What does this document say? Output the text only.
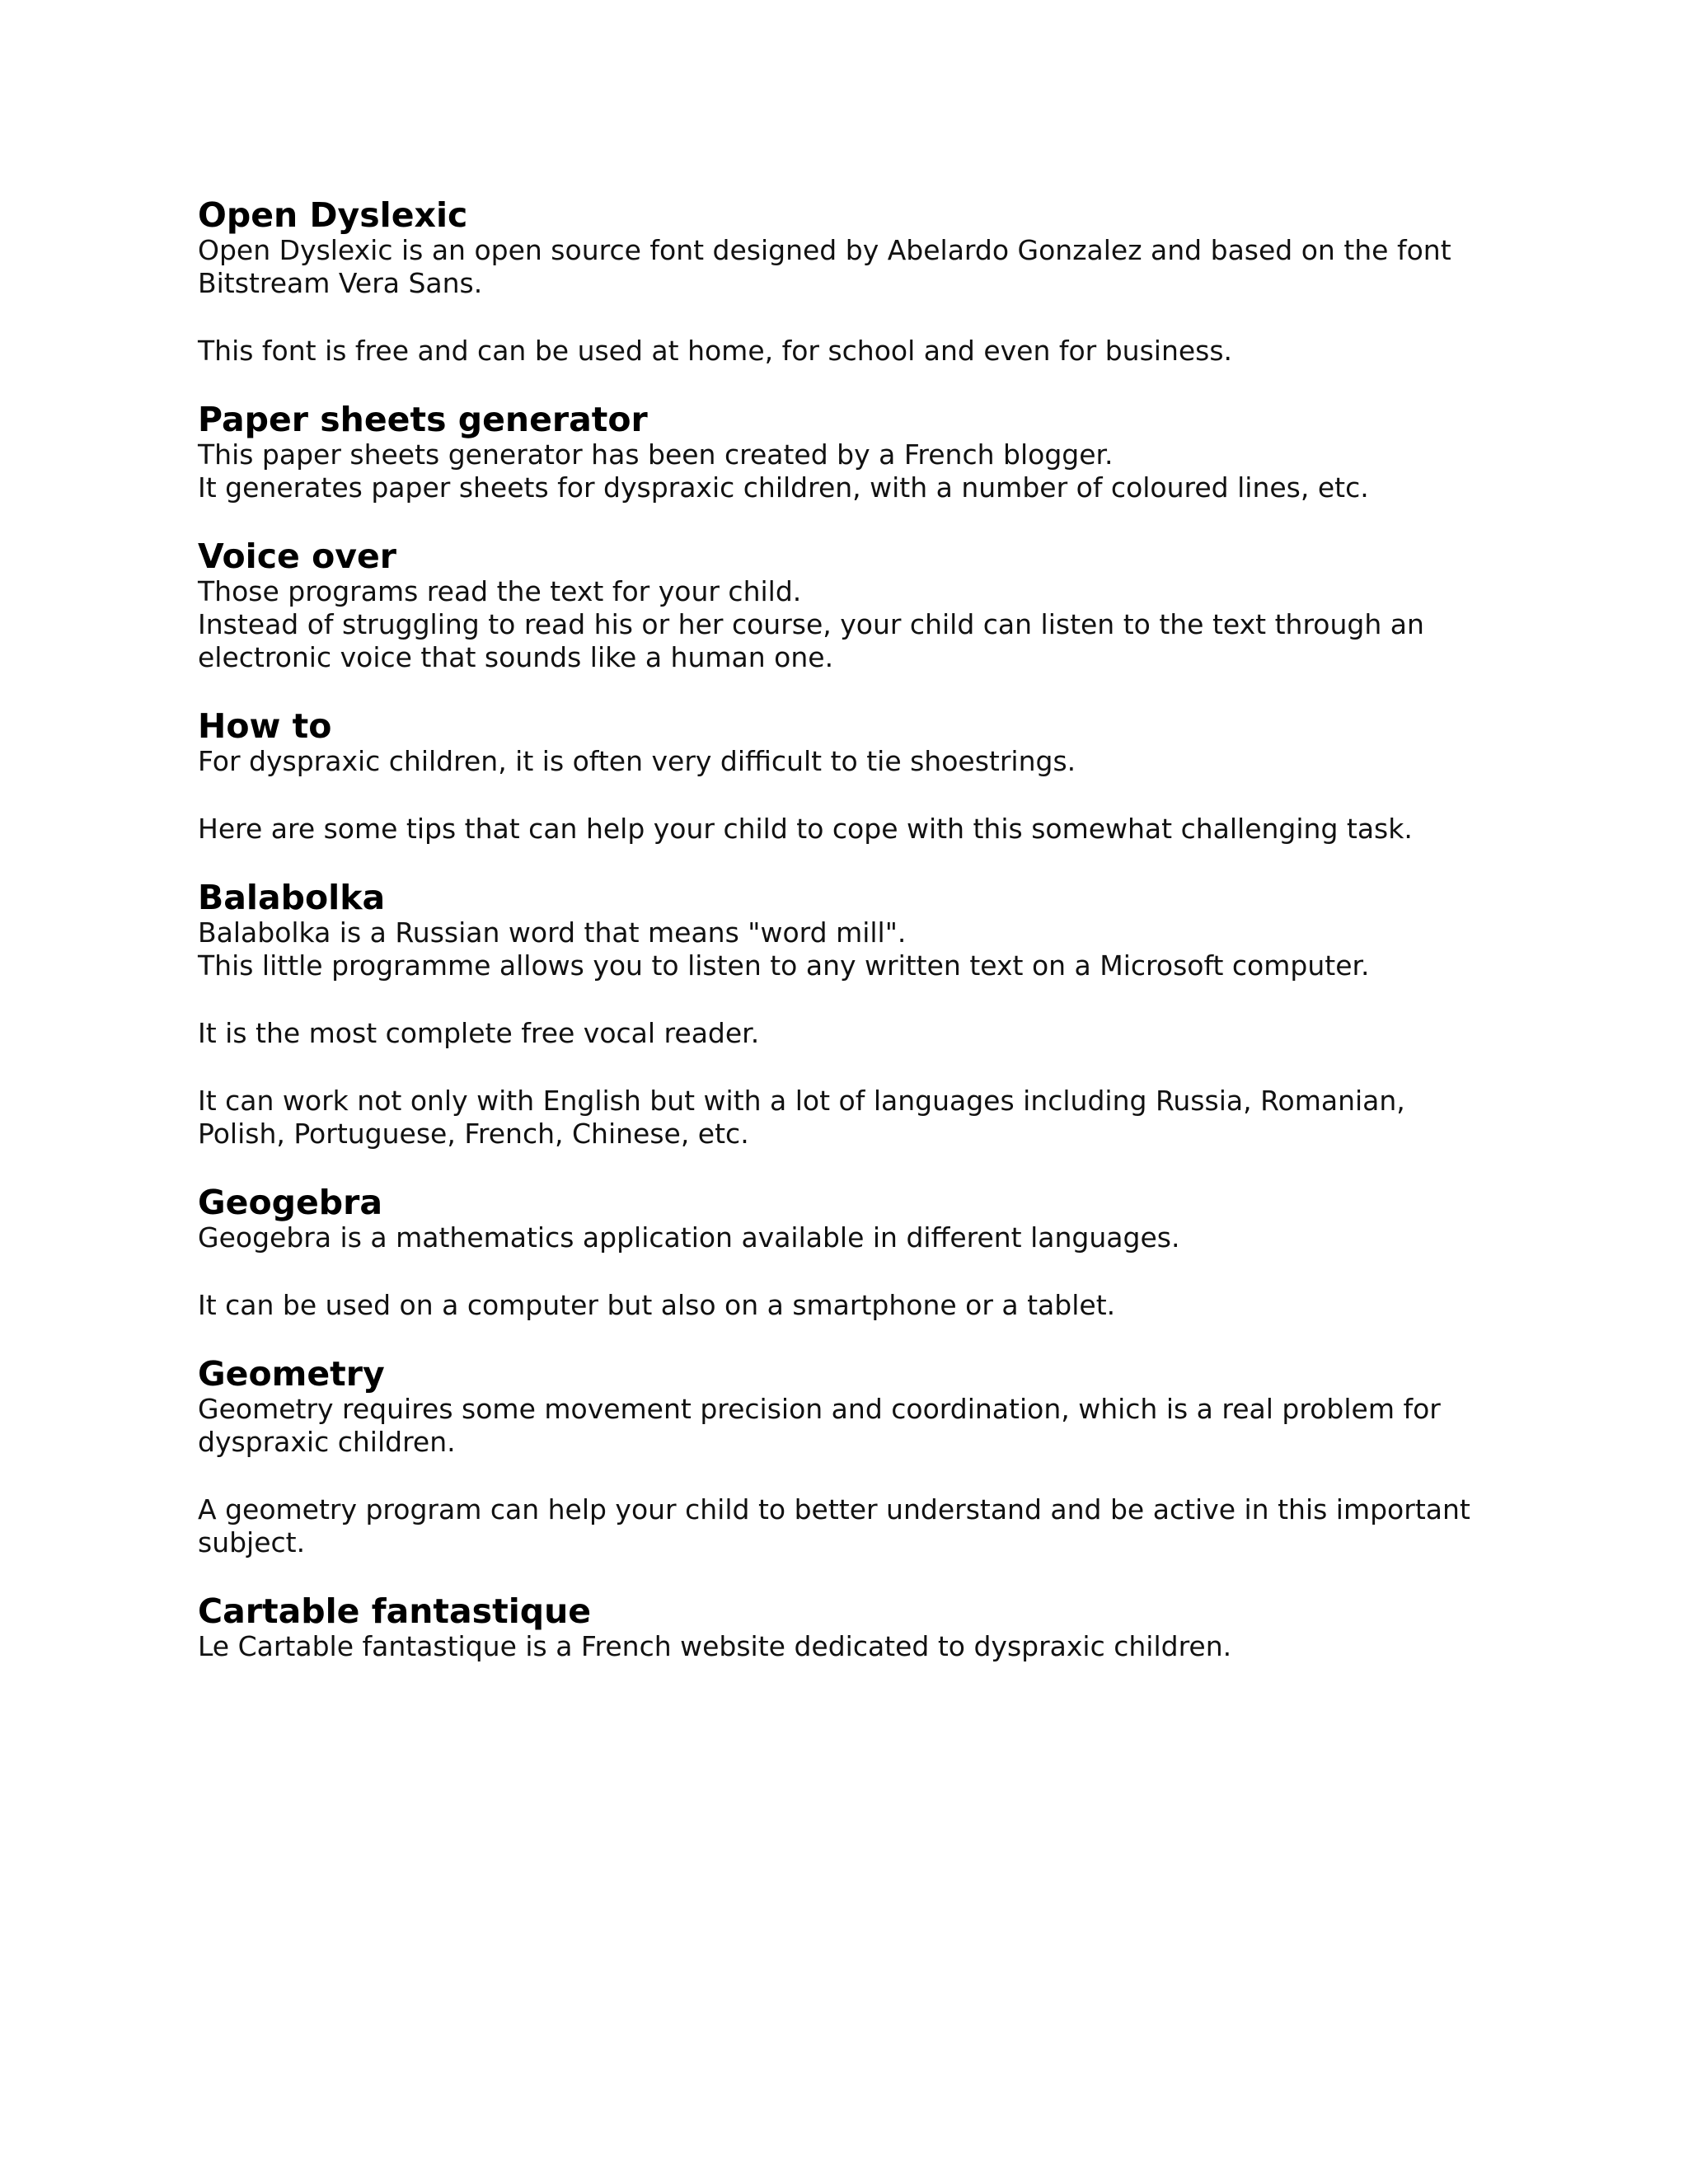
Open Dyslexic

Open Dyslexic is an open source font designed by Abelardo Gonzalez and based on the font Bitstream Vera Sans.

This font is free and can be used at home, for school and even for business.

Paper sheets generator

This paper sheets generator has been created by a French blogger.
It generates paper sheets for dyspraxic children, with a number of coloured lines, etc.

Voice over

Those programs read the text for your child.
Instead of struggling to read his or her course, your child can listen to the text through an electronic voice that sounds like a human one.

How to

For dyspraxic children, it is often very difficult to tie shoestrings.

Here are some tips that can help your child to cope with this somewhat challenging task.

Balabolka

Balabolka is a Russian word that means "word mill".
This little programme allows you to listen to any written text on a Microsoft computer.

It is the most complete free vocal reader.

It can work not only with English but with a lot of languages including Russia, Romanian, Polish, Portuguese, French, Chinese, etc.

Geogebra

Geogebra is a mathematics application available in different languages.

It can be used on a computer but also on a smartphone or a tablet.

Geometry

Geometry requires some movement precision and coordination, which is a real problem for dyspraxic children.

A geometry program can help your child to better understand and be active in this important subject.

Cartable fantastique

Le Cartable fantastique is a French website dedicated to dyspraxic children.
